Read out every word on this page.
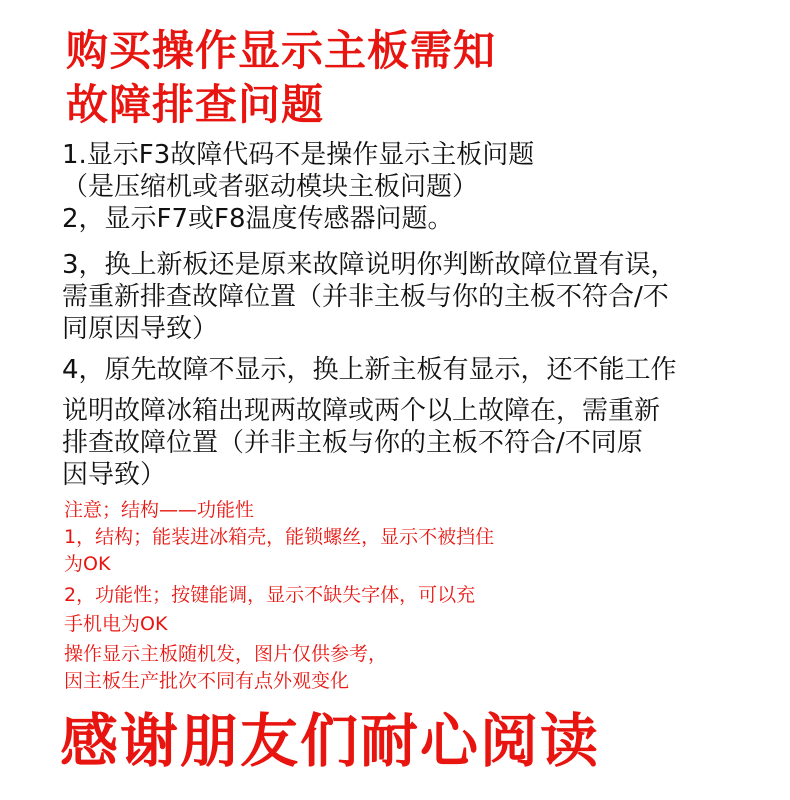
购买操作显示主板需知
故障排查问题
1.显示F3故障代码不是操作显示主板问题
（是压缩机或者驱动模块主板问题）
2，显示F7或F8温度传感器问题。
3，换上新板还是原来故障说明你判断故障位置有误，
需重新排查故障位置（并非主板与你的主板不符合/不
同原因导致）
4，原先故障不显示，换上新主板有显示，还不能工作
说明故障冰箱出现两故障或两个以上故障在，需重新
排查故障位置（并非主板与你的主板不符合/不同原
因导致）
注意；结构——功能性
1，结构；能装进冰箱壳，能锁螺丝，显示不被挡住
为OK
2，功能性；按键能调，显示不缺失字体，可以充
手机电为OK
操作显示主板随机发，图片仅供参考，
因主板生产批次不同有点外观变化
感谢朋友们耐心阅读
